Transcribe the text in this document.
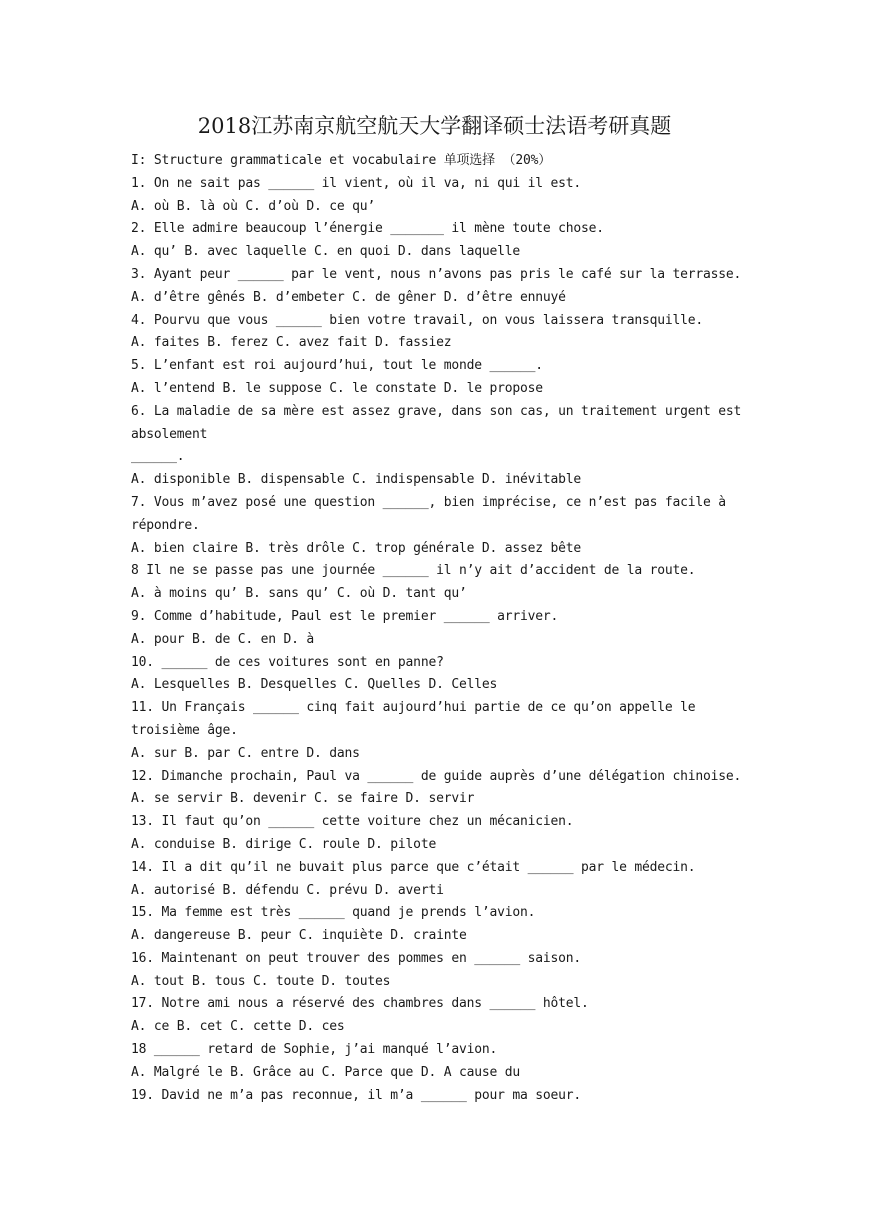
2018江苏南京航空航天大学翻译硕士法语考研真题
I: Structure grammaticale et vocabulaire 单项选择 （20%）
1. On ne sait pas ______ il vient, où il va, ni qui il est.
A. où B. là où C. d’où D. ce qu’
2. Elle admire beaucoup l’énergie _______ il mène toute chose.
A. qu’ B. avec laquelle C. en quoi D. dans laquelle
3. Ayant peur ______ par le vent, nous n’avons pas pris le café sur la terrasse.
A. d’être gênés B. d’embeter C. de gêner D. d’être ennuyé
4. Pourvu que vous ______ bien votre travail, on vous laissera transquille.
A. faites B. ferez C. avez fait D. fassiez
5. L’enfant est roi aujourd’hui, tout le monde ______.
A. l’entend B. le suppose C. le constate D. le propose
6. La maladie de sa mère est assez grave, dans son cas, un traitement urgent est
absolement
______.
A. disponible B. dispensable C. indispensable D. inévitable
7. Vous m’avez posé une question ______, bien imprécise, ce n’est pas facile à
répondre.
A. bien claire B. très drôle C. trop générale D. assez bête
8 Il ne se passe pas une journée ______ il n’y ait d’accident de la route.
A. à moins qu’ B. sans qu’ C. où D. tant qu’
9. Comme d’habitude, Paul est le premier ______ arriver.
A. pour B. de C. en D. à
10. ______ de ces voitures sont en panne?
A. Lesquelles B. Desquelles C. Quelles D. Celles
11. Un Français ______ cinq fait aujourd’hui partie de ce qu’on appelle le
troisième âge.
A. sur B. par C. entre D. dans
12. Dimanche prochain, Paul va ______ de guide auprès d’une délégation chinoise.
A. se servir B. devenir C. se faire D. servir
13. Il faut qu’on ______ cette voiture chez un mécanicien.
A. conduise B. dirige C. roule D. pilote
14. Il a dit qu’il ne buvait plus parce que c’était ______ par le médecin.
A. autorisé B. défendu C. prévu D. averti
15. Ma femme est très ______ quand je prends l’avion.
A. dangereuse B. peur C. inquiète D. crainte
16. Maintenant on peut trouver des pommes en ______ saison.
A. tout B. tous C. toute D. toutes
17. Notre ami nous a réservé des chambres dans ______ hôtel.
A. ce B. cet C. cette D. ces
18 ______ retard de Sophie, j’ai manqué l’avion.
A. Malgré le B. Grâce au C. Parce que D. A cause du
19. David ne m’a pas reconnue, il m’a ______ pour ma soeur.
